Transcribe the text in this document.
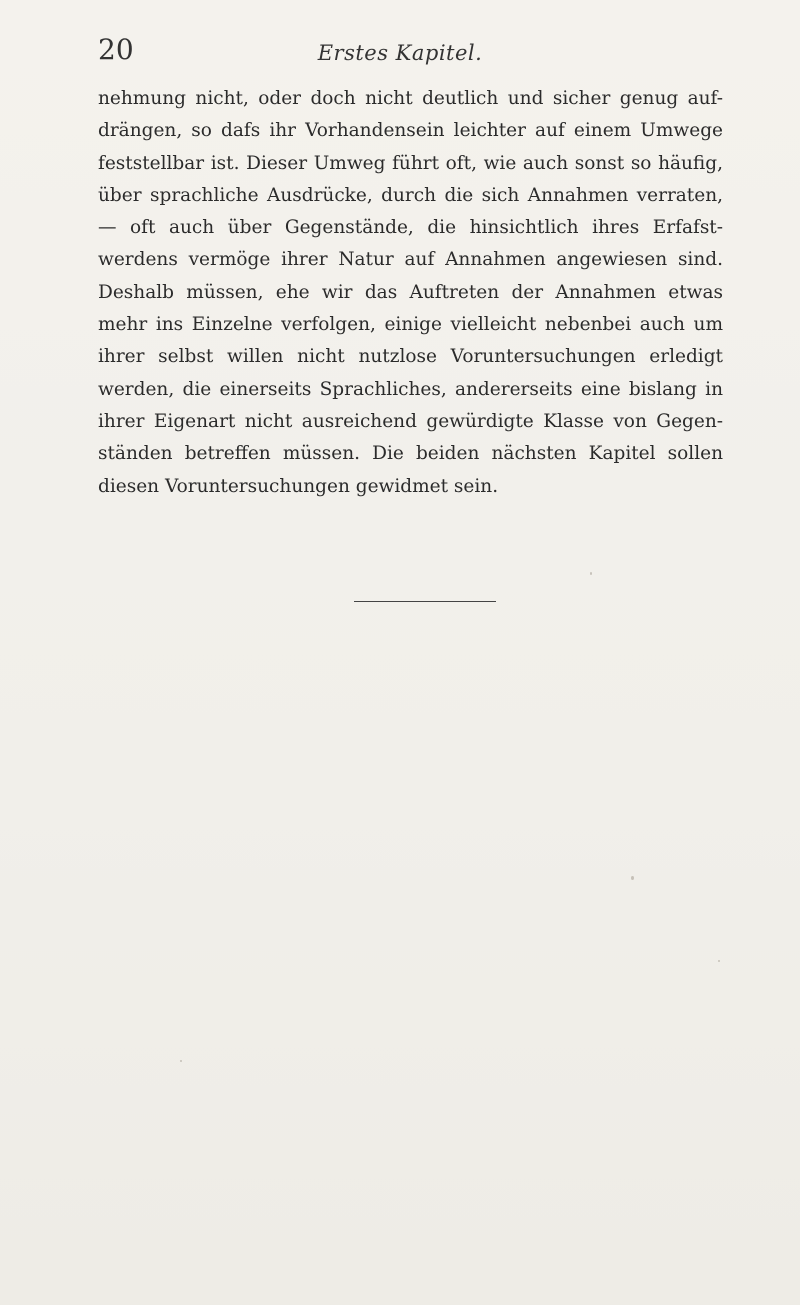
20	Erstes Kapitel.
nehmung nicht, oder doch nicht deutlich und sicher genug auf-
drängen, so dafs ihr Vorhandensein leichter auf einem Umwege
feststellbar ist. Dieser Umweg führt oft, wie auch sonst so häufig,
über sprachliche Ausdrücke, durch die sich Annahmen verraten,
— oft auch über Gegenstände, die hinsichtlich ihres Erfafst-
werdens vermöge ihrer Natur auf Annahmen angewiesen sind.
Deshalb müssen, ehe wir das Auftreten der Annahmen etwas
mehr ins Einzelne verfolgen, einige vielleicht nebenbei auch um
ihrer selbst willen nicht nutzlose Voruntersuchungen erledigt
werden, die einerseits Sprachliches, andererseits eine bislang in
ihrer Eigenart nicht ausreichend gewürdigte Klasse von Gegen-
ständen betreffen müssen. Die beiden nächsten Kapitel sollen
diesen Voruntersuchungen gewidmet sein.
